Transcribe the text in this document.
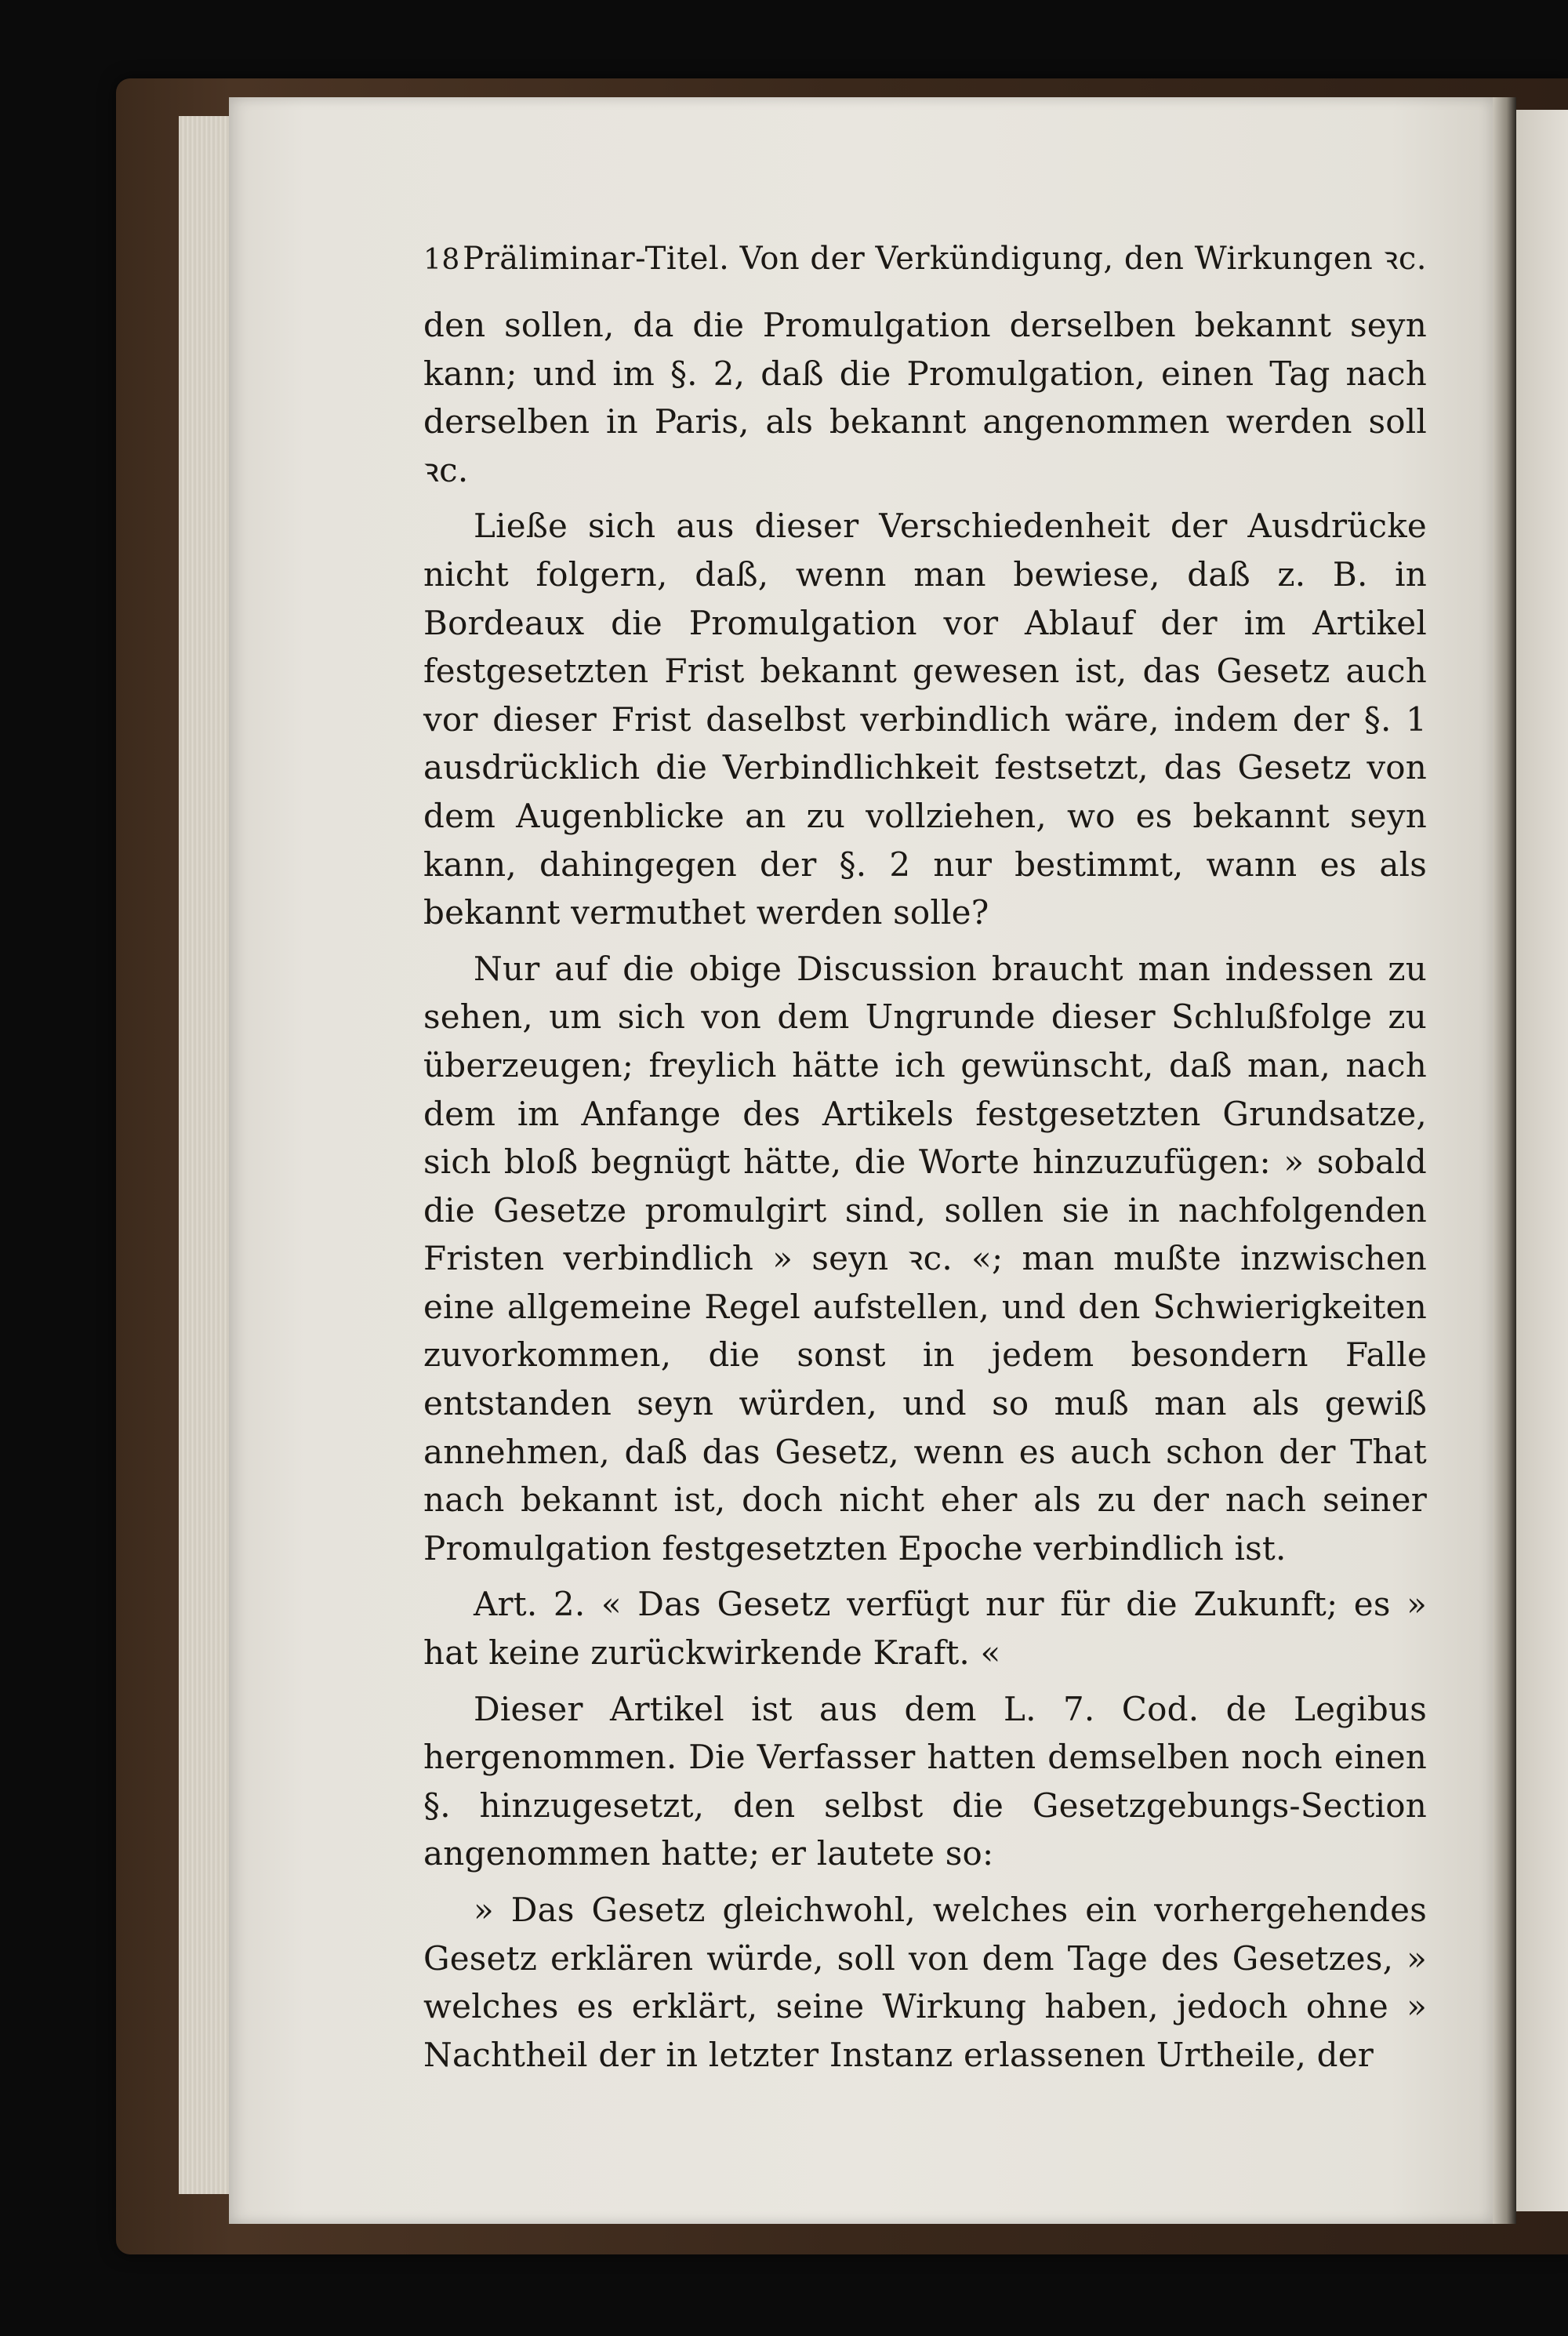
18 Präliminar-Titel. Von der Verkündigung, den Wirkungen ꝛc.

den sollen, da die Promulgation derselben bekannt seyn kann; und im §. 2, daß die Promulgation, einen Tag nach derselben in Paris, als bekannt angenommen werden soll ꝛc.

Ließe sich aus dieser Verschiedenheit der Ausdrücke nicht folgern, daß, wenn man bewiese, daß z. B. in Bordeaux die Promulgation vor Ablauf der im Artikel festgesetzten Frist bekannt gewesen ist, das Gesetz auch vor dieser Frist daselbst verbindlich wäre, indem der §. 1 ausdrücklich die Verbindlichkeit festsetzt, das Gesetz von dem Augenblicke an zu vollziehen, wo es bekannt seyn kann, dahingegen der §. 2 nur bestimmt, wann es als bekannt vermuthet werden solle?

Nur auf die obige Discussion braucht man indessen zu sehen, um sich von dem Ungrunde dieser Schlußfolge zu überzeugen; freylich hätte ich gewünscht, daß man, nach dem im Anfange des Artikels festgesetzten Grundsatze, sich bloß begnügt hätte, die Worte hinzuzufügen: » sobald die Gesetze promulgirt sind, sollen sie in nachfolgenden Fristen verbindlich » seyn ꝛc. «; man mußte inzwischen eine allgemeine Regel aufstellen, und den Schwierigkeiten zuvorkommen, die sonst in jedem besondern Falle entstanden seyn würden, und so muß man als gewiß annehmen, daß das Gesetz, wenn es auch schon der That nach bekannt ist, doch nicht eher als zu der nach seiner Promulgation festgesetzten Epoche verbindlich ist.

Art. 2. « Das Gesetz verfügt nur für die Zukunft; es » hat keine zurückwirkende Kraft. «

Dieser Artikel ist aus dem L. 7. Cod. de Legibus hergenommen. Die Verfasser hatten demselben noch einen §. hinzugesetzt, den selbst die Gesetzgebungs-Section angenommen hatte; er lautete so:

» Das Gesetz gleichwohl, welches ein vorhergehendes Gesetz erklären würde, soll von dem Tage des Gesetzes, » welches es erklärt, seine Wirkung haben, jedoch ohne » Nachtheil der in letzter Instanz erlassenen Urtheile, der
